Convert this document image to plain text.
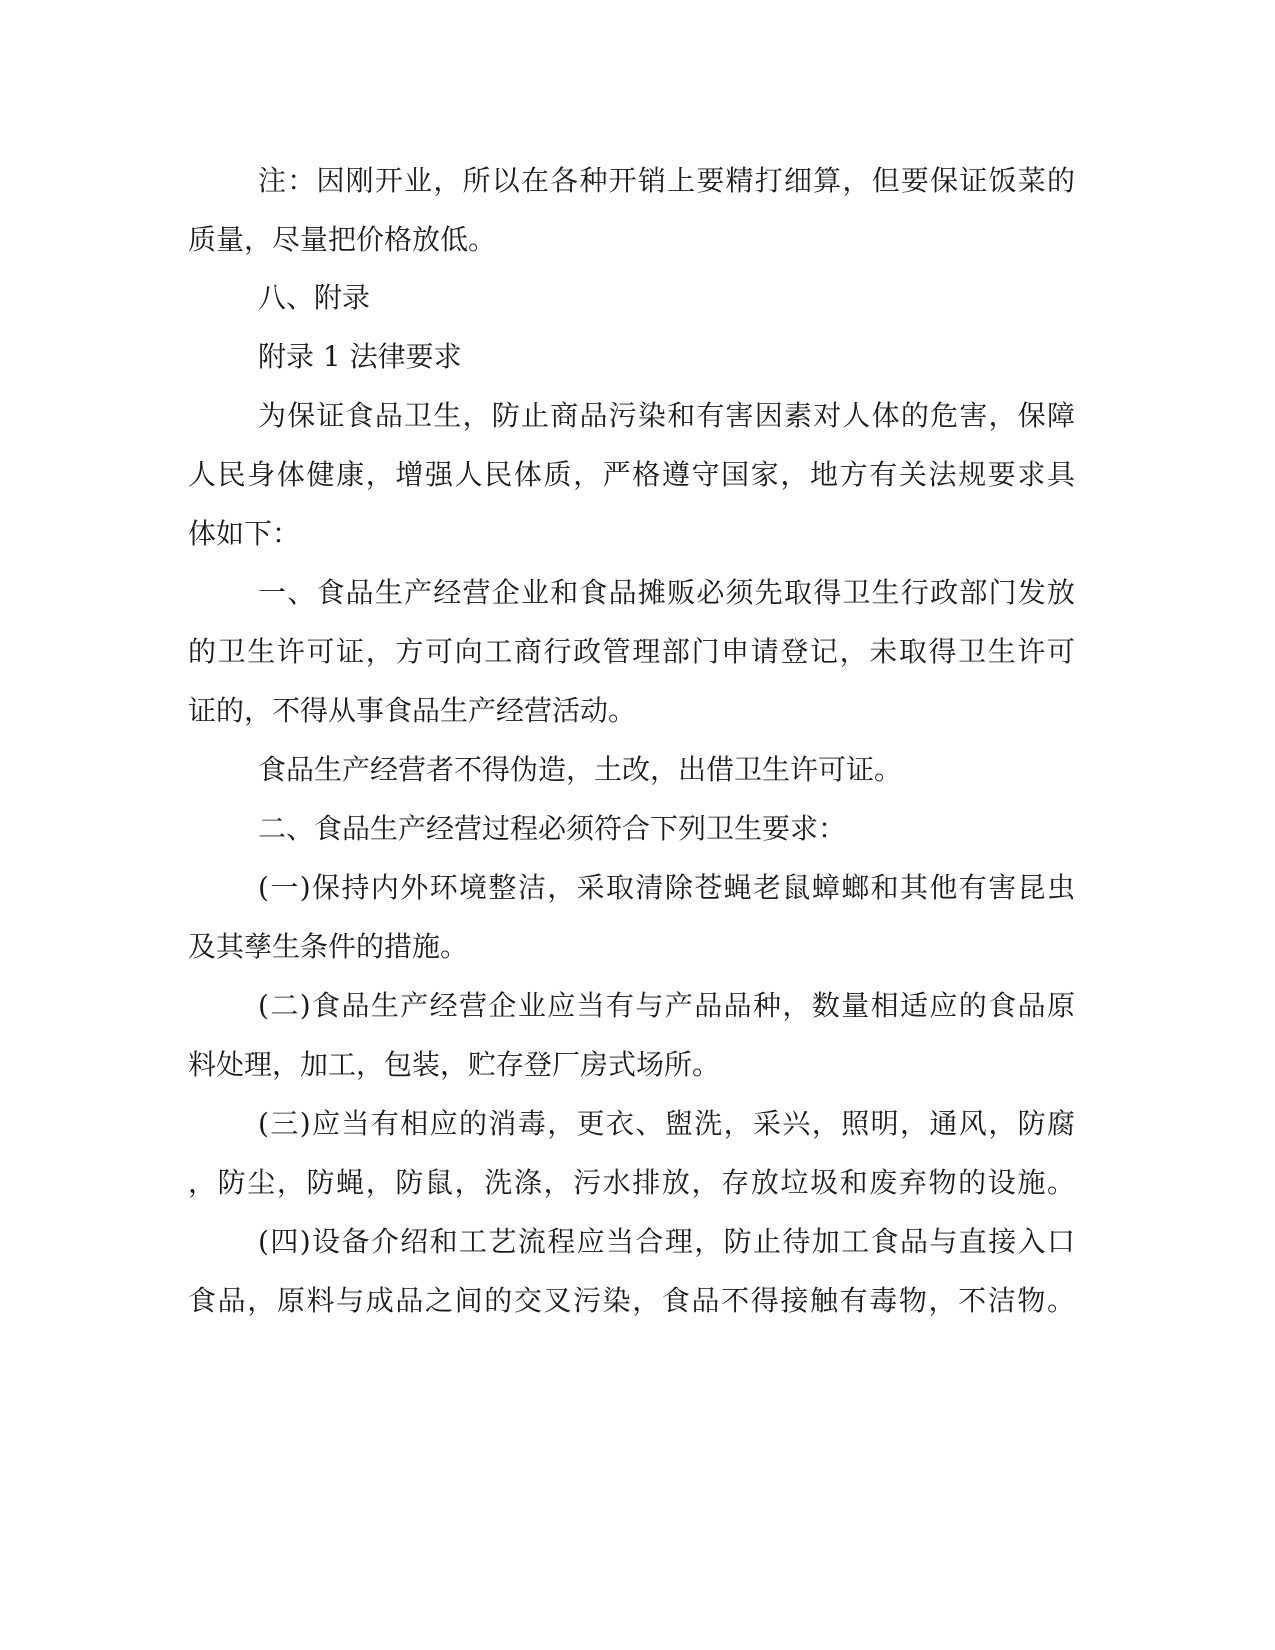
注：因刚开业，所以在各种开销上要精打细算，但要保证饭菜的

质量，尽量把价格放低。

八、附录

附录 1 法律要求

为保证食品卫生，防止商品污染和有害因素对人体的危害，保障

人民身体健康，增强人民体质，严格遵守国家，地方有关法规要求具

体如下：

一、食品生产经营企业和食品摊贩必须先取得卫生行政部门发放

的卫生许可证，方可向工商行政管理部门申请登记，未取得卫生许可

证的，不得从事食品生产经营活动。

食品生产经营者不得伪造，土改，出借卫生许可证。

二、食品生产经营过程必须符合下列卫生要求：

(一)保持内外环境整洁，采取清除苍蝇老鼠蟑螂和其他有害昆虫

及其孳生条件的措施。

(二)食品生产经营企业应当有与产品品种，数量相适应的食品原

料处理，加工，包装，贮存登厂房式场所。

(三)应当有相应的消毒，更衣、盥洗，采兴，照明，通风，防腐

，防尘，防蝇，防鼠，洗涤，污水排放，存放垃圾和废弃物的设施。

(四)设备介绍和工艺流程应当合理，防止待加工食品与直接入口

食品，原料与成品之间的交叉污染，食品不得接触有毒物，不洁物。
